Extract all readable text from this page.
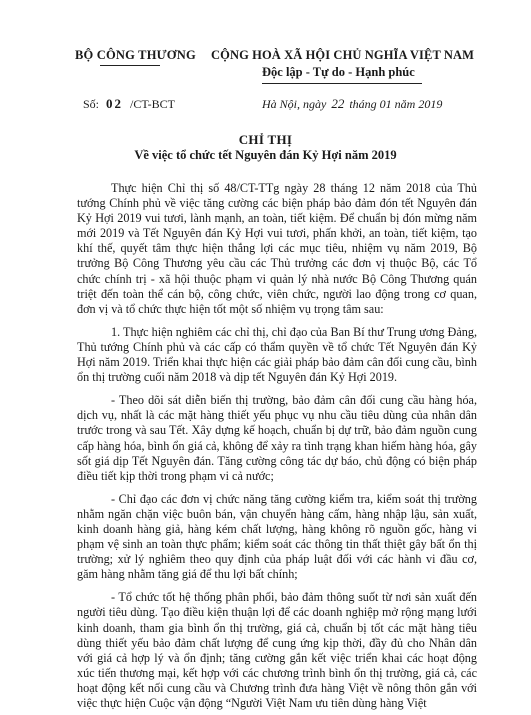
BỘ CÔNG THƯƠNG CỘNG HOÀ XÃ HỘI CHỦ NGHĨA VIỆT NAM
Độc lập - Tự do - Hạnh phúc
Số: 02 /CT-BCT	Hà Nội, ngày 22 tháng 01 năm 2019
CHỈ THỊ
Về việc tổ chức tết Nguyên đán Kỷ Hợi năm 2019

Thực hiện Chỉ thị số 48/CT-TTg ngày 28 tháng 12 năm 2018 của Thủ tướng Chính phủ về việc tăng cường các biện pháp bảo đảm đón tết Nguyên đán Kỷ Hợi 2019 vui tươi, lành mạnh, an toàn, tiết kiệm. Để chuẩn bị đón mừng năm mới 2019 và Tết Nguyên đán Kỷ Hợi vui tươi, phấn khởi, an toàn, tiết kiệm, tạo khí thế, quyết tâm thực hiện thắng lợi các mục tiêu, nhiệm vụ năm 2019, Bộ trưởng Bộ Công Thương yêu cầu các Thủ trưởng các đơn vị thuộc Bộ, các Tổ chức chính trị - xã hội thuộc phạm vi quản lý nhà nước Bộ Công Thương quán triệt đến toàn thể cán bộ, công chức, viên chức, người lao động trong cơ quan, đơn vị và tổ chức thực hiện tốt một số nhiệm vụ trọng tâm sau:

1. Thực hiện nghiêm các chỉ thị, chỉ đạo của Ban Bí thư Trung ương Đảng, Thủ tướng Chính phủ và các cấp có thẩm quyền về tổ chức Tết Nguyên đán Kỷ Hợi năm 2019. Triển khai thực hiện các giải pháp bảo đảm cân đối cung cầu, bình ổn thị trường cuối năm 2018 và dịp tết Nguyên đán Kỷ Hợi 2019.

- Theo dõi sát diễn biến thị trường, bảo đảm cân đối cung cầu hàng hóa, dịch vụ, nhất là các mặt hàng thiết yếu phục vụ nhu cầu tiêu dùng của nhân dân trước trong và sau Tết. Xây dựng kế hoạch, chuẩn bị dự trữ, bảo đảm nguồn cung cấp hàng hóa, bình ổn giá cả, không để xảy ra tình trạng khan hiếm hàng hóa, gây sốt giá dịp Tết Nguyên đán. Tăng cường công tác dự báo, chủ động có biện pháp điều tiết kịp thời trong phạm vi cả nước;

- Chỉ đạo các đơn vị chức năng tăng cường kiểm tra, kiểm soát thị trường nhằm ngăn chặn việc buôn bán, vận chuyển hàng cấm, hàng nhập lậu, sản xuất, kinh doanh hàng giả, hàng kém chất lượng, hàng không rõ nguồn gốc, hàng vi phạm vệ sinh an toàn thực phẩm; kiểm soát các thông tin thất thiệt gây bất ổn thị trường; xử lý nghiêm theo quy định của pháp luật đối với các hành vi đầu cơ, găm hàng nhằm tăng giá để thu lợi bất chính;

- Tổ chức tốt hệ thống phân phối, bảo đảm thông suốt từ nơi sản xuất đến người tiêu dùng. Tạo điều kiện thuận lợi để các doanh nghiệp mở rộng mạng lưới kinh doanh, tham gia bình ổn thị trường, giá cả, chuẩn bị tốt các mặt hàng tiêu dùng thiết yếu bảo đảm chất lượng để cung ứng kịp thời, đầy đủ cho Nhân dân với giá cả hợp lý và ổn định; tăng cường gắn kết việc triển khai các hoạt động xúc tiến thương mại, kết hợp với các chương trình bình ổn thị trường, giá cả, các hoạt động kết nối cung cầu và Chương trình đưa hàng Việt về nông thôn gắn với việc thực hiện Cuộc vận động “Người Việt Nam ưu tiên dùng hàng Việt
